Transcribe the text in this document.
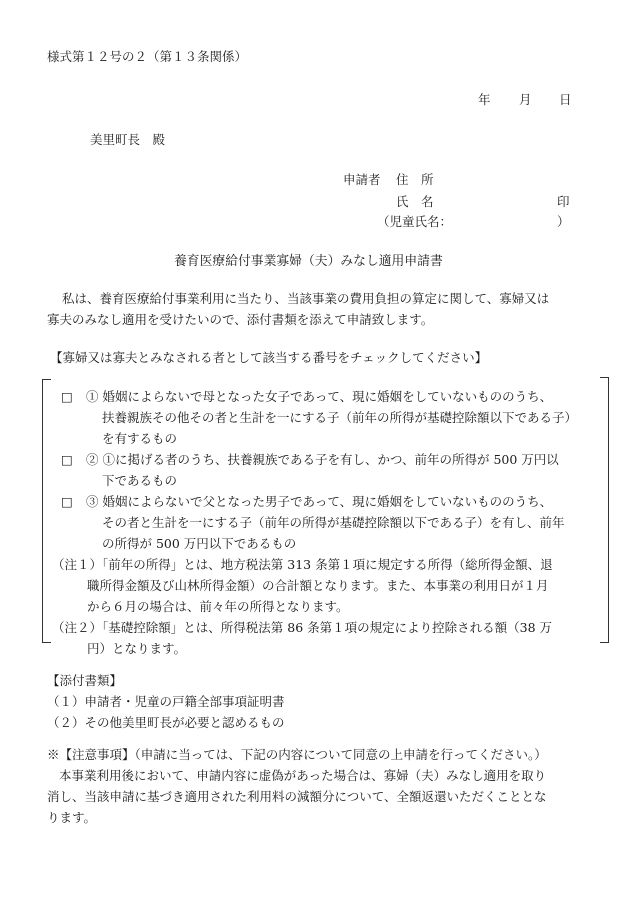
様式第１２号の２（第１３条関係）
年 月 日
美里町長　殿
申請者 住　所
氏　名	印
（児童氏名：	）
養育医療給付事業寡婦（夫）みなし適用申請書
私は、養育医療給付事業利用に当たり、当該事業の費用負担の算定に関して、寡婦又は
寡夫のみなし適用を受けたいので、添付書類を添えて申請致します。
【寡婦又は寡夫とみなされる者として該当する番号をチェックしてください】
□ ① 婚姻によらないで母となった女子であって、現に婚姻をしていないもののうち、
扶養親族その他その者と生計を一にする子（前年の所得が基礎控除額以下である子）
を有するもの
□ ② ①に掲げる者のうち、扶養親族である子を有し、かつ、前年の所得が 500 万円以
下であるもの
□ ③ 婚姻によらないで父となった男子であって、現に婚姻をしていないもののうち、
その者と生計を一にする子（前年の所得が基礎控除額以下である子）を有し、前年
の所得が 500 万円以下であるもの
（注１）「前年の所得」とは、地方税法第 313 条第１項に規定する所得（総所得金額、退
職所得金額及び山林所得金額）の合計額となります。また、本事業の利用日が１月
から６月の場合は、前々年の所得となります。
（注２）「基礎控除額」とは、所得税法第 86 条第１項の規定により控除される額（38 万
円）となります。
【添付書類】
（１）申請者・児童の戸籍全部事項証明書
（２）その他美里町長が必要と認めるもの
※【注意事項】（申請に当っては、下記の内容について同意の上申請を行ってください。）
本事業利用後において、申請内容に虚偽があった場合は、寡婦（夫）みなし適用を取り
消し、当該申請に基づき適用された利用料の減額分について、全額返還いただくこととな
ります。
